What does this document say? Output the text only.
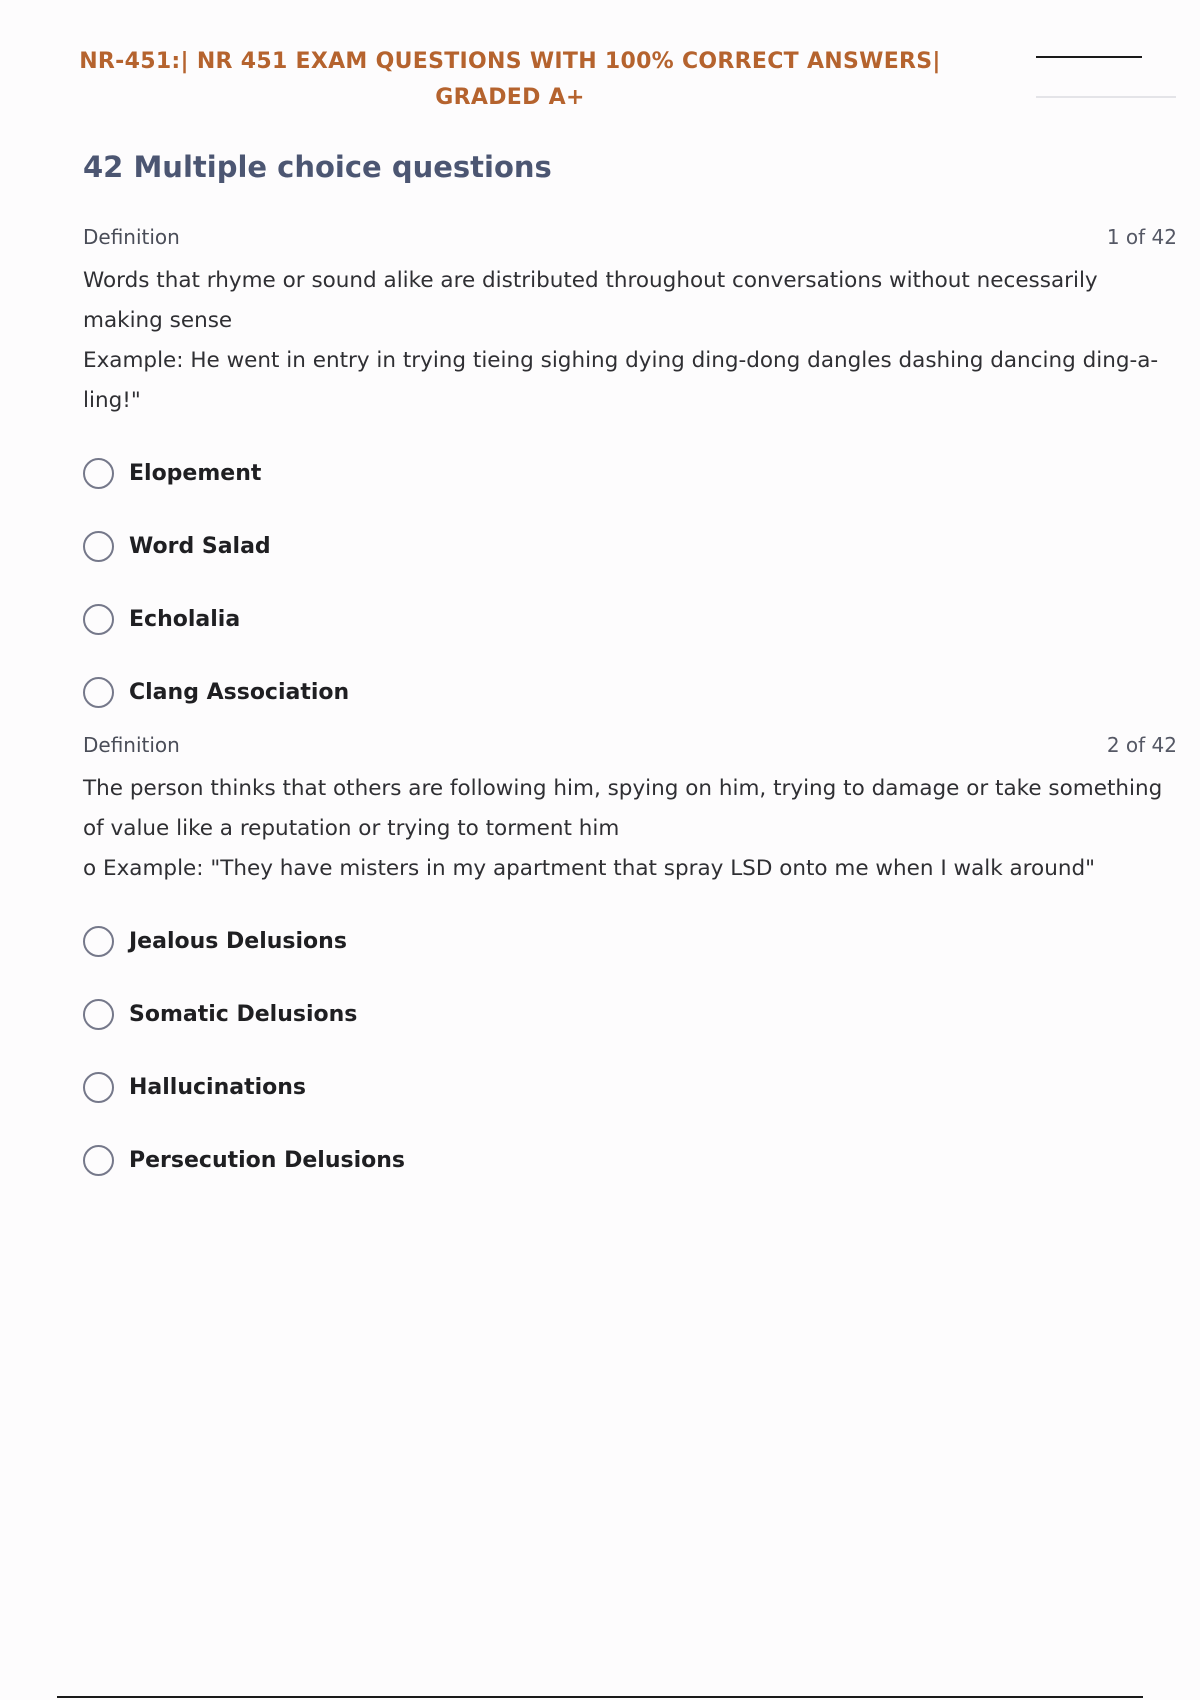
NR-451:| NR 451 EXAM QUESTIONS WITH 100% CORRECT ANSWERS|
GRADED A+
42 Multiple choice questions
Definition	1 of 42

Words that rhyme or sound alike are distributed throughout conversations without necessarily making sense

Example: He went in entry in trying tieing sighing dying ding-dong dangles dashing dancing ding-a-ling!"

Elopement
Word Salad
Echolalia
Clang Association
Definition	2 of 42

The person thinks that others are following him, spying on him, trying to damage or take something of value like a reputation or trying to torment him

o Example: "They have misters in my apartment that spray LSD onto me when I walk around"

Jealous Delusions
Somatic Delusions
Hallucinations
Persecution Delusions
